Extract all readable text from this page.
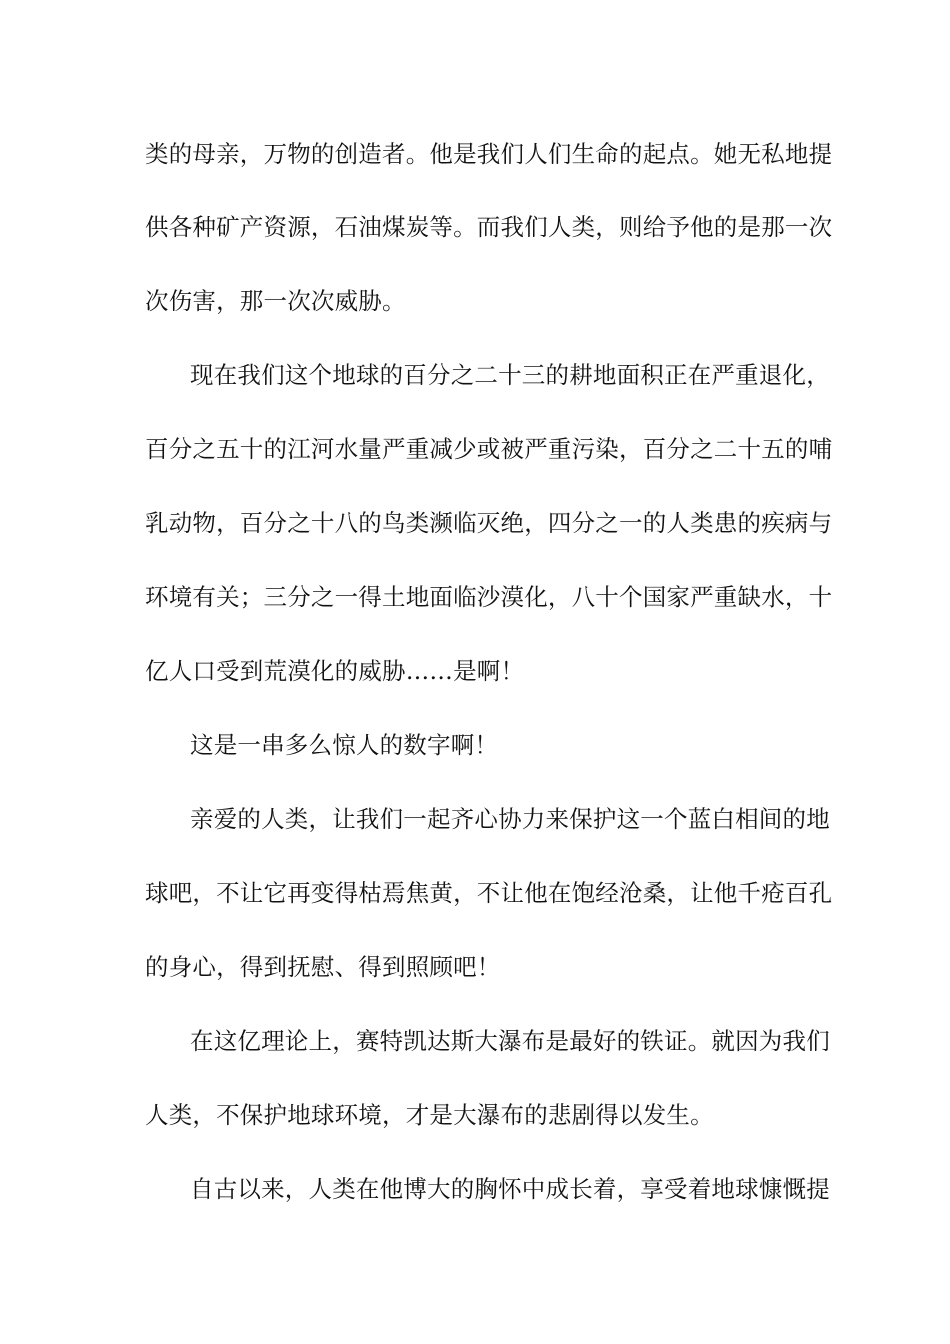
类的母亲，万物的创造者。他是我们人们生命的起点。她无私地提
供各种矿产资源，石油煤炭等。而我们人类，则给予他的是那一次
次伤害，那一次次威胁。
现在我们这个地球的百分之二十三的耕地面积正在严重退化，
百分之五十的江河水量严重减少或被严重污染，百分之二十五的哺
乳动物，百分之十八的鸟类濒临灭绝，四分之一的人类患的疾病与
环境有关；三分之一得土地面临沙漠化，八十个国家严重缺水，十
亿人口受到荒漠化的威胁……是啊！
这是一串多么惊人的数字啊！
亲爱的人类，让我们一起齐心协力来保护这一个蓝白相间的地
球吧，不让它再变得枯焉焦黄，不让他在饱经沧桑，让他千疮百孔
的身心，得到抚慰、得到照顾吧！
在这亿理论上，赛特凯达斯大瀑布是最好的铁证。就因为我们
人类，不保护地球环境，才是大瀑布的悲剧得以发生。
自古以来，人类在他博大的胸怀中成长着，享受着地球慷慨提
